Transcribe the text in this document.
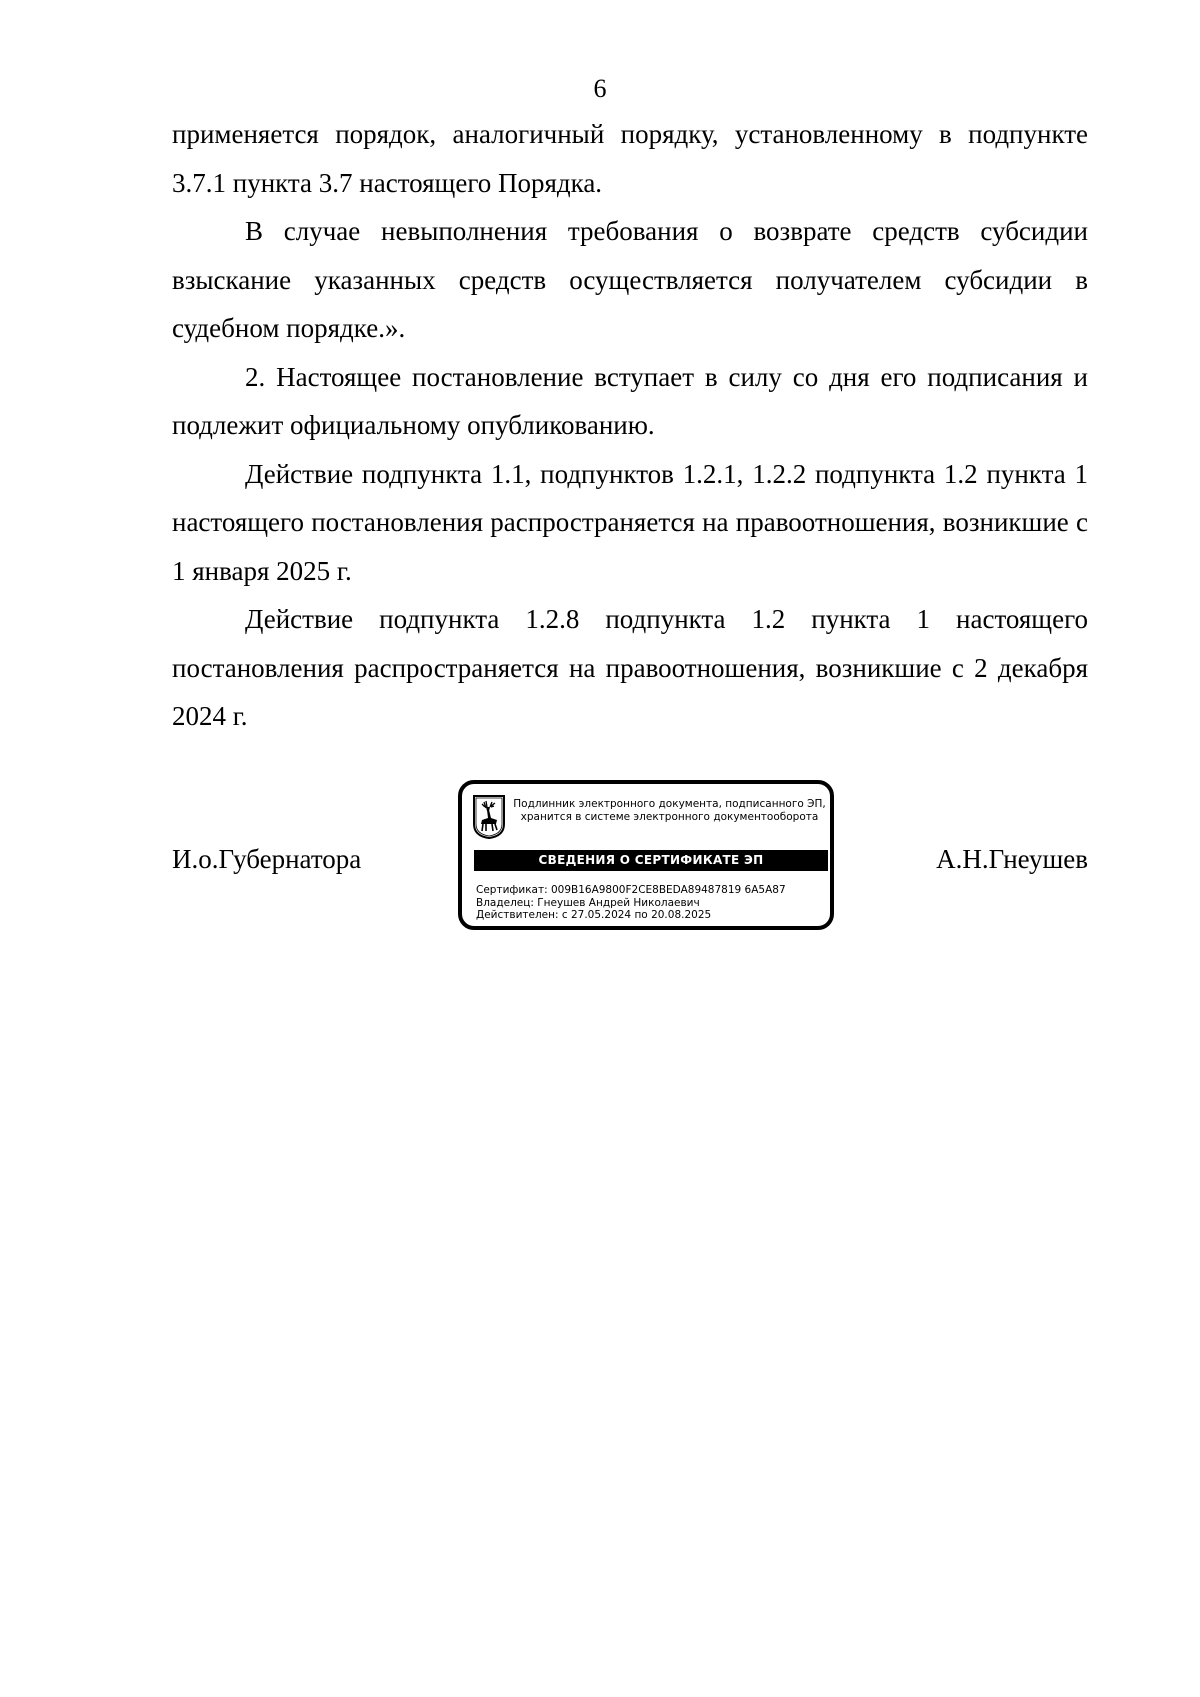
6

применяется порядок, аналогичный порядку, установленному в подпункте 3.7.1 пункта 3.7 настоящего Порядка.

В случае невыполнения требования о возврате средств субсидии взыскание указанных средств осуществляется получателем субсидии в судебном порядке.».

2. Настоящее постановление вступает в силу со дня его подписания и подлежит официальному опубликованию.

Действие подпункта 1.1, подпунктов 1.2.1, 1.2.2 подпункта 1.2 пункта 1 настоящего постановления распространяется на правоотношения, возникшие с 1 января 2025 г.

Действие подпункта 1.2.8 подпункта 1.2 пункта 1 настоящего постановления распространяется на правоотношения, возникшие с 2 декабря 2024 г.

И.о.Губернатора
Подлинник электронного документа, подписанного ЭП,
хранится в системе электронного документооборота
СВЕДЕНИЯ О СЕРТИФИКАТЕ ЭП
Сертификат: 009B16A9800F2CE8BEDA89487819 6A5A87
Владелец: Гнеушев Андрей Николаевич
Действителен: с 27.05.2024 по 20.08.2025
А.Н.Гнеушев
